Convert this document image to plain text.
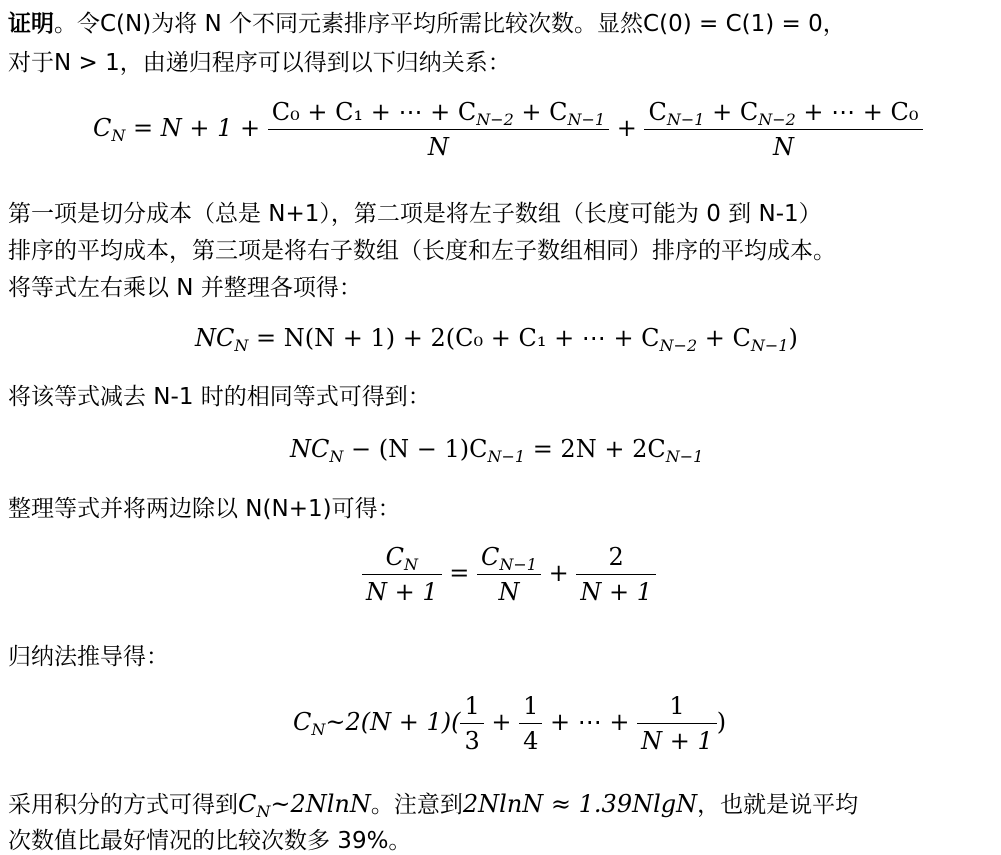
证明。令C(N)为将 N 个不同元素排序平均所需比较次数。显然C(0) = C(1) = 0，
对于N > 1，由递归程序可以得到以下归纳关系：
$C_N = N + 1 + \frac{C_0 + C_1 + \cdots + C_{N-2} + C_{N-1}}{N} + \frac{C_{N-1} + C_{N-2} + \cdots + C_0}{N}$
第一项是切分成本（总是 N+1），第二项是将左子数组（长度可能为 0 到 N-1）
排序的平均成本，第三项是将右子数组（长度和左子数组相同）排序的平均成本。
将等式左右乘以 N 并整理各项得：
$NC_N = N(N + 1) + 2(C_0 + C_1$ + ⋯ + $C_{N-2} + C_{N-1}$)
将该等式减去 N-1 时的相同等式可得到：
$NC_N - (N - 1)C_{N-1} = 2N + 2C_{N-1}$
整理等式并将两边除以 N(N+1)可得：
$\frac{C_N}{N + 1} = \frac{C_{N-1}}{N} + \frac{2}{N + 1}$
归纳法推导得：
$C_N\sim 2(N + 1)( \frac{1}{3} + \frac{1}{4}$ + ⋯ + $\frac{1}{N + 1}$ )
采用积分的方式可得到$C_N\sim 2NlnN$。注意到2NlnN ≈ 1.39NlgN，也就是说平均
次数值比最好情况的比较次数多 39%。
